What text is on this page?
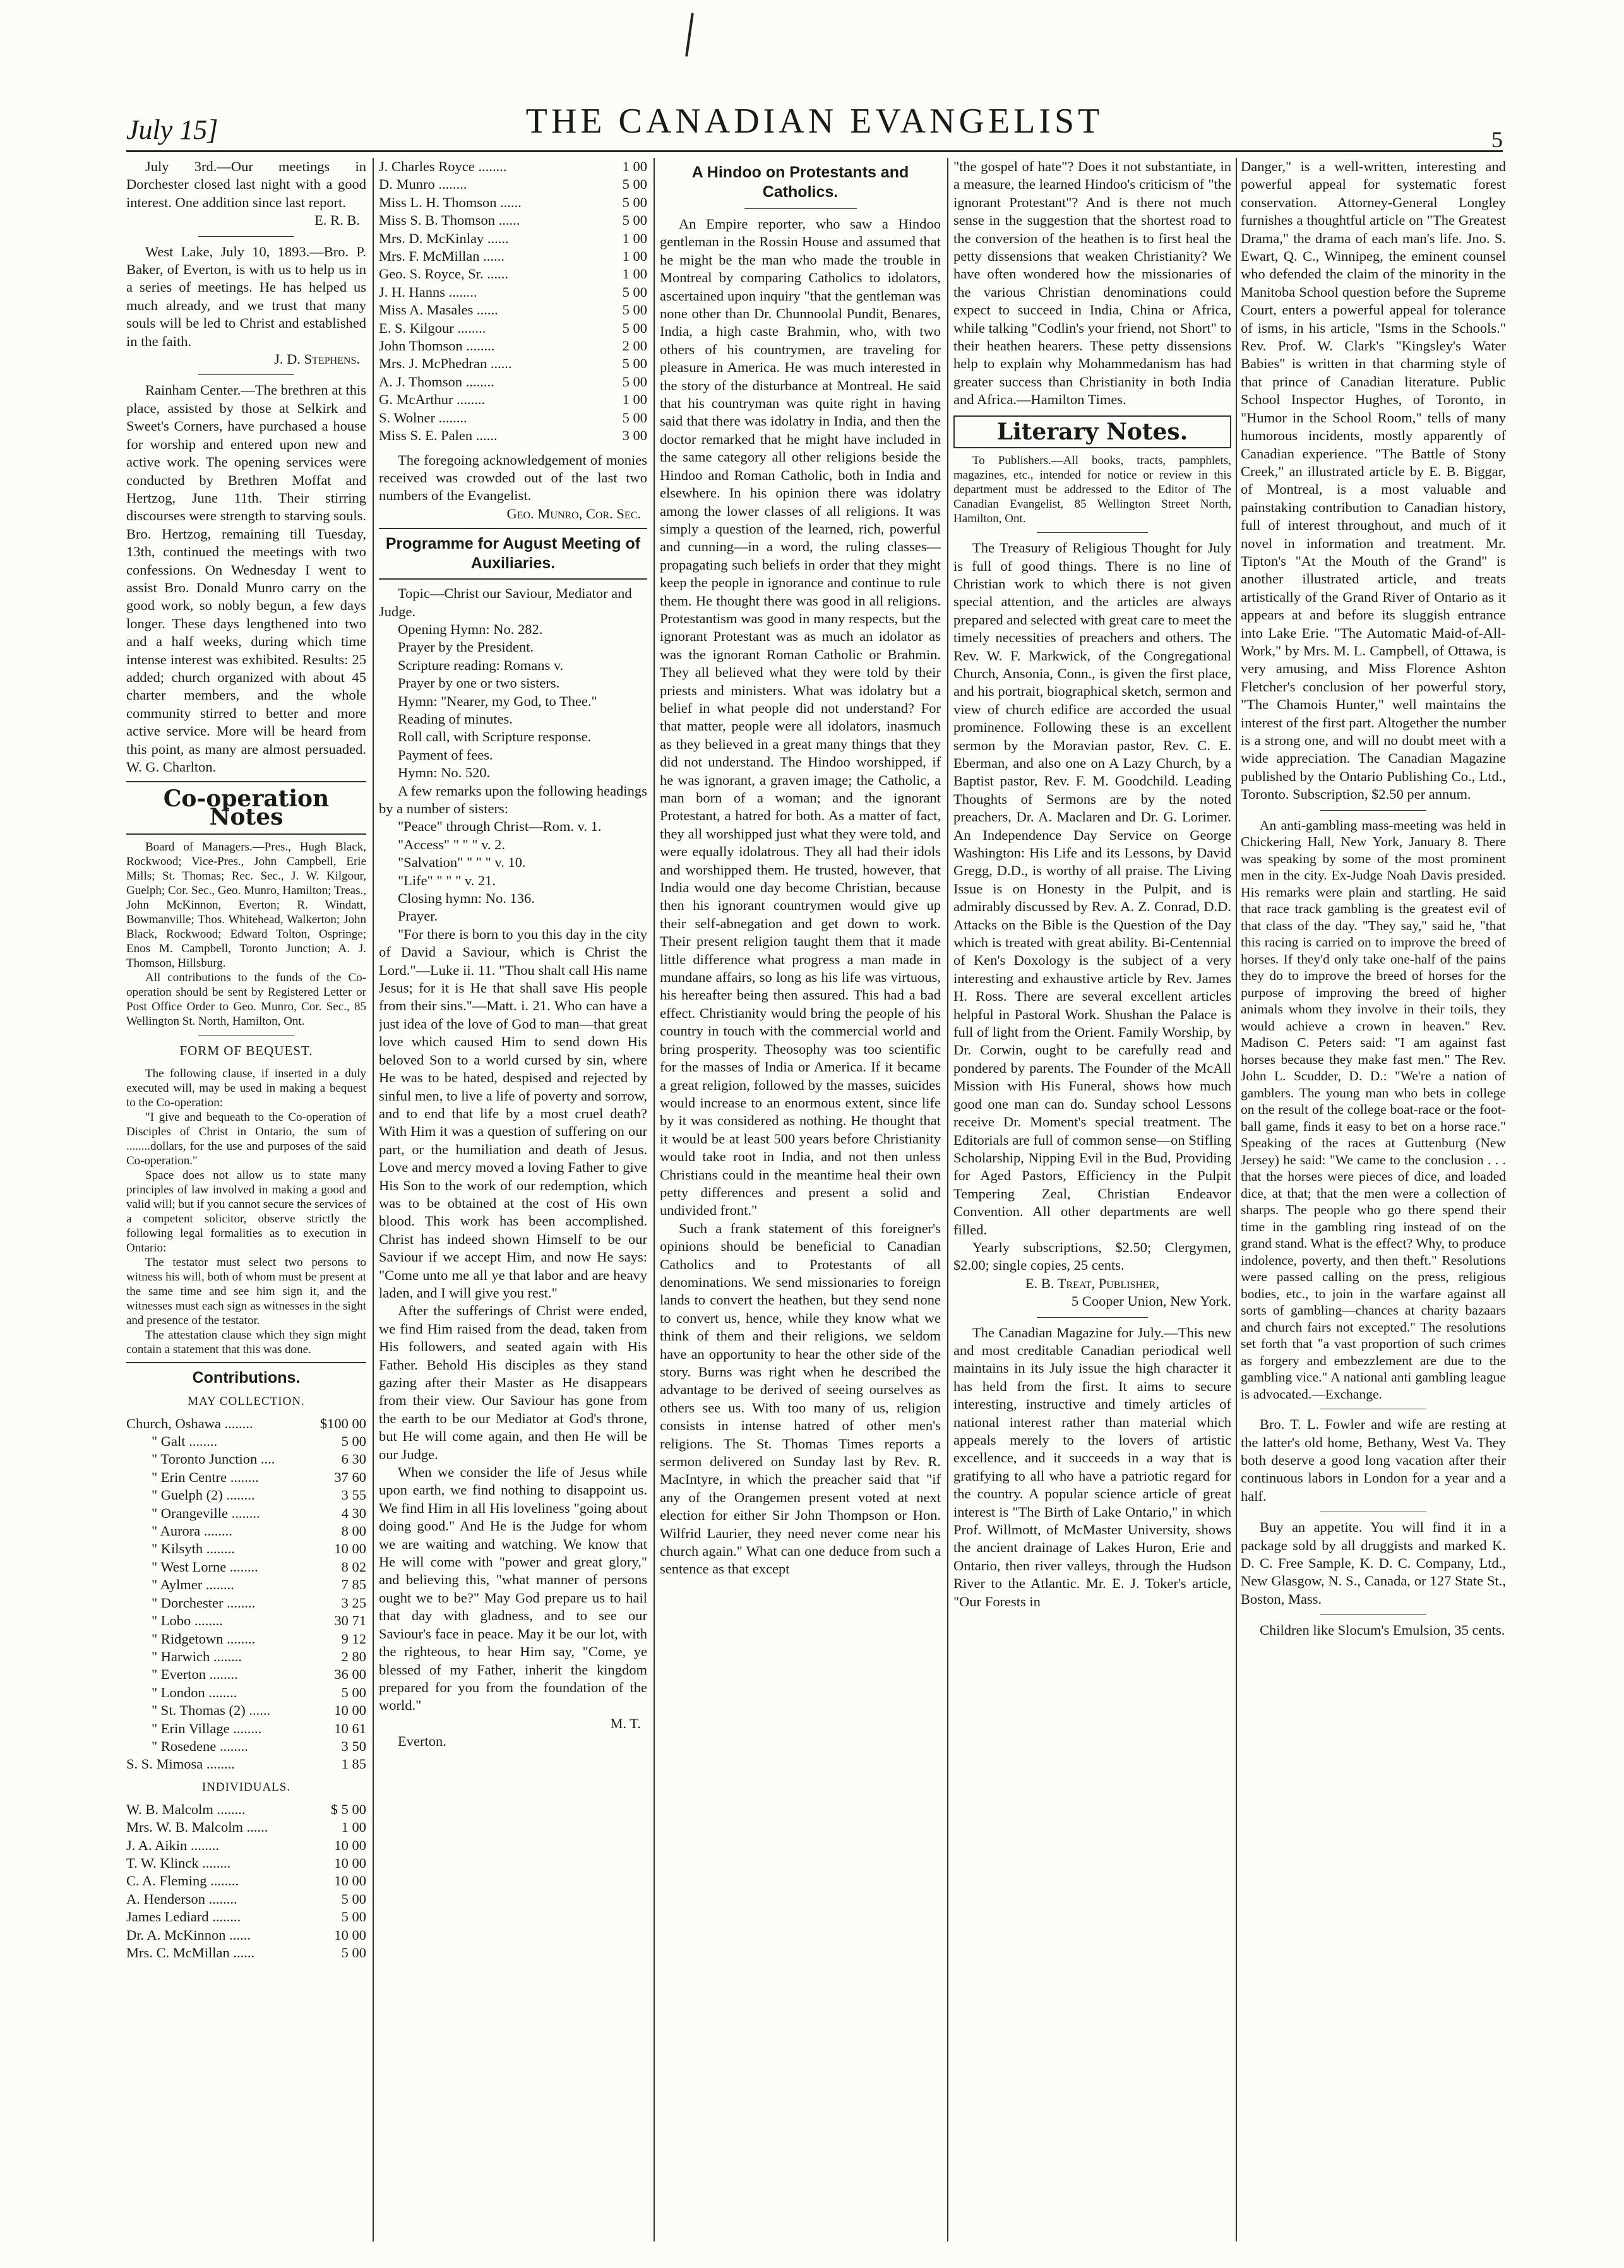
July 15]	THE CANADIAN EVANGELIST	5

July 3rd.—Our meetings in Dorchester closed last night with a good interest. One addition since last report.

E. R. B.

West Lake, July 10, 1893.—Bro. P. Baker, of Everton, is with us to help us in a series of meetings. He has helped us much already, and we trust that many souls will be led to Christ and established in the faith.

J. D. Stephens.

Rainham Center.—The brethren at this place, assisted by those at Selkirk and Sweet's Corners, have purchased a house for worship and entered upon new and active work. The opening services were conducted by Brethren Moffat and Hertzog, June 11th. Their stirring discourses were strength to starving souls. Bro. Hertzog, remaining till Tuesday, 13th, continued the meetings with two confessions. On Wednesday I went to assist Bro. Donald Munro carry on the good work, so nobly begun, a few days longer. These days lengthened into two and a half weeks, during which time intense interest was exhibited. Results: 25 added; church organized with about 45 charter members, and the whole community stirred to better and more active service. More will be heard from this point, as many are almost persuaded. W. G. Charlton.

Co-operation Notes

Board of Managers.—Pres., Hugh Black, Rockwood; Vice-Pres., John Campbell, Erie Mills; St. Thomas; Rec. Sec., J. W. Kilgour, Guelph; Cor. Sec., Geo. Munro, Hamilton; Treas., John McKinnon, Everton; R. Windatt, Bowmanville; Thos. Whitehead, Walkerton; John Black, Rockwood; Edward Tolton, Ospringe; Enos M. Campbell, Toronto Junction; A. J. Thomson, Hillsburg.

All contributions to the funds of the Co-operation should be sent by Registered Letter or Post Office Order to Geo. Munro, Cor. Sec., 85 Wellington St. North, Hamilton, Ont.

FORM OF BEQUEST.

The following clause, if inserted in a duly executed will, may be used in making a bequest to the Co-operation:

"I give and bequeath to the Co-operation of Disciples of Christ in Ontario, the sum of ........dollars, for the use and purposes of the said Co-operation."

Space does not allow us to state many principles of law involved in making a good and valid will; but if you cannot secure the services of a competent solicitor, observe strictly the following legal formalities as to execution in Ontario:

The testator must select two persons to witness his will, both of whom must be present at the same time and see him sign it, and the witnesses must each sign as witnesses in the sight and presence of the testator.

The attestation clause which they sign might contain a statement that this was done.

Contributions.
MAY COLLECTION.
Church, Oshawa ........	$100 00
" Galt ........	5 00
" Toronto Junction ....	6 30
" Erin Centre ........	37 60
" Guelph (2) ........	3 55
" Orangeville ........	4 30
" Aurora ........	8 00
" Kilsyth ........	10 00
" West Lorne ........	8 02
" Aylmer ........	7 85
" Dorchester ........	3 25
" Lobo ........	30 71
" Ridgetown ........	9 12
" Harwich ........	2 80
" Everton ........	36 00
" London ........	5 00
" St. Thomas (2) ......	10 00
" Erin Village ........	10 61
" Rosedene ........	3 50
S. S. Mimosa ........	1 85
INDIVIDUALS.
W. B. Malcolm ........	$ 5 00
Mrs. W. B. Malcolm ......	1 00
J. A. Aikin ........	10 00
T. W. Klinck ........	10 00
C. A. Fleming ........	10 00
A. Henderson ........	5 00
James Lediard ........	5 00
Dr. A. McKinnon ......	10 00
Mrs. C. McMillan ......	5 00
J. Charles Royce ........	1 00
D. Munro ........	5 00
Miss L. H. Thomson ......	5 00
Miss S. B. Thomson ......	5 00
Mrs. D. McKinlay ......	1 00
Mrs. F. McMillan ......	1 00
Geo. S. Royce, Sr. ......	1 00
J. H. Hanns ........	5 00
Miss A. Masales ......	5 00
E. S. Kilgour ........	5 00
John Thomson ........	2 00
Mrs. J. McPhedran ......	5 00
A. J. Thomson ........	5 00
G. McArthur ........	1 00
S. Wolner ........	5 00
Miss S. E. Palen ......	3 00

The foregoing acknowledgement of monies received was crowded out of the last two numbers of the Evangelist.

Geo. Munro, Cor. Sec.

Programme for August Meeting of Auxiliaries.

Topic—Christ our Saviour, Mediator and Judge.

Opening Hymn: No. 282.

Prayer by the President.

Scripture reading: Romans v.

Prayer by one or two sisters.

Hymn: "Nearer, my God, to Thee."

Reading of minutes.

Roll call, with Scripture response.

Payment of fees.

Hymn: No. 520.

A few remarks upon the following headings by a number of sisters:

"Peace" through Christ—Rom. v. 1.

"Access" " " " v. 2.

"Salvation" " " " v. 10.

"Life" " " " v. 21.

Closing hymn: No. 136.

Prayer.

"For there is born to you this day in the city of David a Saviour, which is Christ the Lord."—Luke ii. 11. "Thou shalt call His name Jesus; for it is He that shall save His people from their sins."—Matt. i. 21. Who can have a just idea of the love of God to man—that great love which caused Him to send down His beloved Son to a world cursed by sin, where He was to be hated, despised and rejected by sinful men, to live a life of poverty and sorrow, and to end that life by a most cruel death? With Him it was a question of suffering on our part, or the humiliation and death of Jesus. Love and mercy moved a loving Father to give His Son to the work of our redemption, which was to be obtained at the cost of His own blood. This work has been accomplished. Christ has indeed shown Himself to be our Saviour if we accept Him, and now He says: "Come unto me all ye that labor and are heavy laden, and I will give you rest."

After the sufferings of Christ were ended, we find Him raised from the dead, taken from His followers, and seated again with His Father. Behold His disciples as they stand gazing after their Master as He disappears from their view. Our Saviour has gone from the earth to be our Mediator at God's throne, but He will come again, and then He will be our Judge.

When we consider the life of Jesus while upon earth, we find nothing to disappoint us. We find Him in all His loveliness "going about doing good." And He is the Judge for whom we are waiting and watching. We know that He will come with "power and great glory," and believing this, "what manner of persons ought we to be?" May God prepare us to hail that day with gladness, and to see our Saviour's face in peace. May it be our lot, with the righteous, to hear Him say, "Come, ye blessed of my Father, inherit the kingdom prepared for you from the foundation of the world."

M. T.

Everton.

A Hindoo on Protestants and Catholics.

An Empire reporter, who saw a Hindoo gentleman in the Rossin House and assumed that he might be the man who made the trouble in Montreal by comparing Catholics to idolators, ascertained upon inquiry "that the gentleman was none other than Dr. Chunnoolal Pundit, Benares, India, a high caste Brahmin, who, with two others of his countrymen, are traveling for pleasure in America. He was much interested in the story of the disturbance at Montreal. He said that his countryman was quite right in having said that there was idolatry in India, and then the doctor remarked that he might have included in the same category all other religions beside the Hindoo and Roman Catholic, both in India and elsewhere. In his opinion there was idolatry among the lower classes of all religions. It was simply a question of the learned, rich, powerful and cunning—in a word, the ruling classes—propagating such beliefs in order that they might keep the people in ignorance and continue to rule them. He thought there was good in all religions. Protestantism was good in many respects, but the ignorant Protestant was as much an idolator as was the ignorant Roman Catholic or Brahmin. They all believed what they were told by their priests and ministers. What was idolatry but a belief in what people did not understand? For that matter, people were all idolators, inasmuch as they believed in a great many things that they did not understand. The Hindoo worshipped, if he was ignorant, a graven image; the Catholic, a man born of a woman; and the ignorant Protestant, a hatred for both. As a matter of fact, they all worshipped just what they were told, and were equally idolatrous. They all had their idols and worshipped them. He trusted, however, that India would one day become Christian, because then his ignorant countrymen would give up their self-abnegation and get down to work. Their present religion taught them that it made little difference what progress a man made in mundane affairs, so long as his life was virtuous, his hereafter being then assured. This had a bad effect. Christianity would bring the people of his country in touch with the commercial world and bring prosperity. Theosophy was too scientific for the masses of India or America. If it became a great religion, followed by the masses, suicides would increase to an enormous extent, since life by it was considered as nothing. He thought that it would be at least 500 years before Christianity would take root in India, and not then unless Christians could in the meantime heal their own petty differences and present a solid and undivided front."

Such a frank statement of this foreigner's opinions should be beneficial to Canadian Catholics and to Protestants of all denominations. We send missionaries to foreign lands to convert the heathen, but they send none to convert us, hence, while they know what we think of them and their religions, we seldom have an opportunity to hear the other side of the story. Burns was right when he described the advantage to be derived of seeing ourselves as others see us. With too many of us, religion consists in intense hatred of other men's religions. The St. Thomas Times reports a sermon delivered on Sunday last by Rev. R. MacIntyre, in which the preacher said that "if any of the Orangemen present voted at next election for either Sir John Thompson or Hon. Wilfrid Laurier, they need never come near his church again." What can one deduce from such a sentence as that except

"the gospel of hate"? Does it not substantiate, in a measure, the learned Hindoo's criticism of "the ignorant Protestant"? And is there not much sense in the suggestion that the shortest road to the conversion of the heathen is to first heal the petty dissensions that weaken Christianity? We have often wondered how the missionaries of the various Christian denominations could expect to succeed in India, China or Africa, while talking "Codlin's your friend, not Short" to their heathen hearers. These petty dissensions help to explain why Mohammedanism has had greater success than Christianity in both India and Africa.—Hamilton Times.

Literary Notes.

To Publishers.—All books, tracts, pamphlets, magazines, etc., intended for notice or review in this department must be addressed to the Editor of The Canadian Evangelist, 85 Wellington Street North, Hamilton, Ont.

The Treasury of Religious Thought for July is full of good things. There is no line of Christian work to which there is not given special attention, and the articles are always prepared and selected with great care to meet the timely necessities of preachers and others. The Rev. W. F. Markwick, of the Congregational Church, Ansonia, Conn., is given the first place, and his portrait, biographical sketch, sermon and view of church edifice are accorded the usual prominence. Following these is an excellent sermon by the Moravian pastor, Rev. C. E. Eberman, and also one on A Lazy Church, by a Baptist pastor, Rev. F. M. Goodchild. Leading Thoughts of Sermons are by the noted preachers, Dr. A. Maclaren and Dr. G. Lorimer. An Independence Day Service on George Washington: His Life and its Lessons, by David Gregg, D.D., is worthy of all praise. The Living Issue is on Honesty in the Pulpit, and is admirably discussed by Rev. A. Z. Conrad, D.D. Attacks on the Bible is the Question of the Day which is treated with great ability. Bi-Centennial of Ken's Doxology is the subject of a very interesting and exhaustive article by Rev. James H. Ross. There are several excellent articles helpful in Pastoral Work. Shushan the Palace is full of light from the Orient. Family Worship, by Dr. Corwin, ought to be carefully read and pondered by parents. The Founder of the McAll Mission with His Funeral, shows how much good one man can do. Sunday school Lessons receive Dr. Moment's special treatment. The Editorials are full of common sense—on Stifling Scholarship, Nipping Evil in the Bud, Providing for Aged Pastors, Efficiency in the Pulpit Tempering Zeal, Christian Endeavor Convention. All other departments are well filled.

Yearly subscriptions, $2.50; Clergymen, $2.00; single copies, 25 cents.

E. B. Treat, Publisher,

5 Cooper Union, New York.

The Canadian Magazine for July.—This new and most creditable Canadian periodical well maintains in its July issue the high character it has held from the first. It aims to secure interesting, instructive and timely articles of national interest rather than material which appeals merely to the lovers of artistic excellence, and it succeeds in a way that is gratifying to all who have a patriotic regard for the country. A popular science article of great interest is "The Birth of Lake Ontario," in which Prof. Willmott, of McMaster University, shows the ancient drainage of Lakes Huron, Erie and Ontario, then river valleys, through the Hudson River to the Atlantic. Mr. E. J. Toker's article, "Our Forests in

Danger," is a well-written, interesting and powerful appeal for systematic forest conservation. Attorney-General Longley furnishes a thoughtful article on "The Greatest Drama," the drama of each man's life. Jno. S. Ewart, Q. C., Winnipeg, the eminent counsel who defended the claim of the minority in the Manitoba School question before the Supreme Court, enters a powerful appeal for tolerance of isms, in his article, "Isms in the Schools." Rev. Prof. W. Clark's "Kingsley's Water Babies" is written in that charming style of that prince of Canadian literature. Public School Inspector Hughes, of Toronto, in "Humor in the School Room," tells of many humorous incidents, mostly apparently of Canadian experience. "The Battle of Stony Creek," an illustrated article by E. B. Biggar, of Montreal, is a most valuable and painstaking contribution to Canadian history, full of interest throughout, and much of it novel in information and treatment. Mr. Tipton's "At the Mouth of the Grand" is another illustrated article, and treats artistically of the Grand River of Ontario as it appears at and before its sluggish entrance into Lake Erie. "The Automatic Maid-of-All-Work," by Mrs. M. L. Campbell, of Ottawa, is very amusing, and Miss Florence Ashton Fletcher's conclusion of her powerful story, "The Chamois Hunter," well maintains the interest of the first part. Altogether the number is a strong one, and will no doubt meet with a wide appreciation. The Canadian Magazine published by the Ontario Publishing Co., Ltd., Toronto. Subscription, $2.50 per annum.

An anti-gambling mass-meeting was held in Chickering Hall, New York, January 8. There was speaking by some of the most prominent men in the city. Ex-Judge Noah Davis presided. His remarks were plain and startling. He said that race track gambling is the greatest evil of that class of the day. "They say," said he, "that this racing is carried on to improve the breed of horses. If they'd only take one-half of the pains they do to improve the breed of horses for the purpose of improving the breed of higher animals whom they involve in their toils, they would achieve a crown in heaven." Rev. Madison C. Peters said: "I am against fast horses because they make fast men." The Rev. John L. Scudder, D. D.: "We're a nation of gamblers. The young man who bets in college on the result of the college boat-race or the foot-ball game, finds it easy to bet on a horse race." Speaking of the races at Guttenburg (New Jersey) he said: "We came to the conclusion . . . that the horses were pieces of dice, and loaded dice, at that; that the men were a collection of sharps. The people who go there spend their time in the gambling ring instead of on the grand stand. What is the effect? Why, to produce indolence, poverty, and then theft." Resolutions were passed calling on the press, religious bodies, etc., to join in the warfare against all sorts of gambling—chances at charity bazaars and church fairs not excepted." The resolutions set forth that "a vast proportion of such crimes as forgery and embezzlement are due to the gambling vice." A national anti gambling league is advocated.—Exchange.

Bro. T. L. Fowler and wife are resting at the latter's old home, Bethany, West Va. They both deserve a good long vacation after their continuous labors in London for a year and a half.

Buy an appetite. You will find it in a package sold by all druggists and marked K. D. C. Free Sample, K. D. C. Company, Ltd., New Glasgow, N. S., Canada, or 127 State St., Boston, Mass.

Children like Slocum's Emulsion, 35 cents.
